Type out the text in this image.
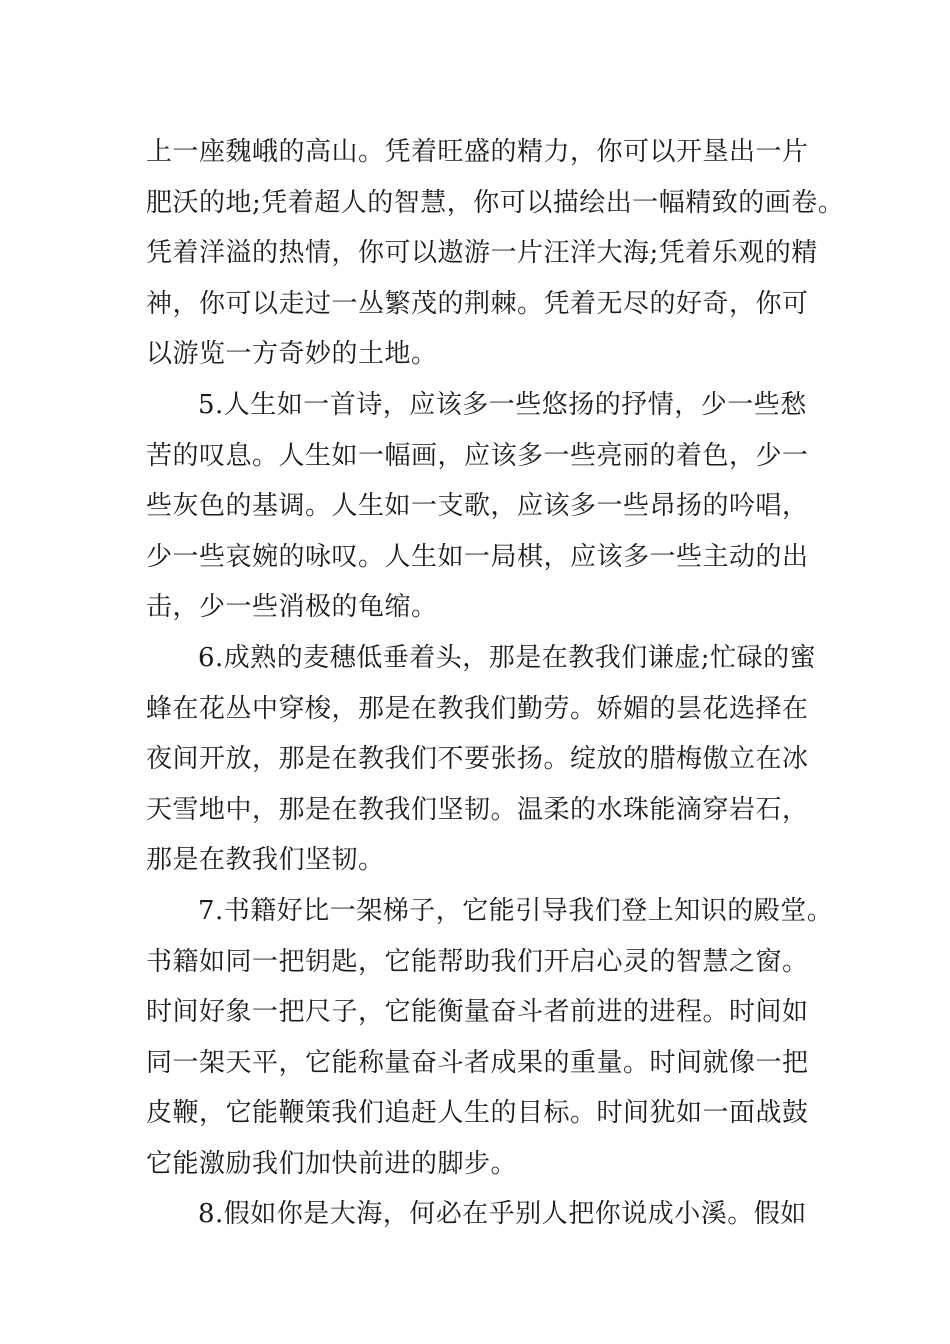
上一座魏峨的高山。凭着旺盛的精力，你可以开垦出一片
肥沃的地;凭着超人的智慧，你可以描绘出一幅精致的画卷。
凭着洋溢的热情，你可以遨游一片汪洋大海;凭着乐观的精
神，你可以走过一丛繁茂的荆棘。凭着无尽的好奇，你可
以游览一方奇妙的土地。
5.人生如一首诗，应该多一些悠扬的抒情，少一些愁
苦的叹息。人生如一幅画，应该多一些亮丽的着色，少一
些灰色的基调。人生如一支歌，应该多一些昂扬的吟唱，
少一些哀婉的咏叹。人生如一局棋，应该多一些主动的出
击，少一些消极的龟缩。
6.成熟的麦穗低垂着头，那是在教我们谦虚;忙碌的蜜
蜂在花丛中穿梭，那是在教我们勤劳。娇媚的昙花选择在
夜间开放，那是在教我们不要张扬。绽放的腊梅傲立在冰
天雪地中，那是在教我们坚韧。温柔的水珠能滴穿岩石，
那是在教我们坚韧。
7.书籍好比一架梯子，它能引导我们登上知识的殿堂。
书籍如同一把钥匙，它能帮助我们开启心灵的智慧之窗。
时间好象一把尺子，它能衡量奋斗者前进的进程。时间如
同一架天平，它能称量奋斗者成果的重量。时间就像一把
皮鞭，它能鞭策我们追赶人生的目标。时间犹如一面战鼓
它能激励我们加快前进的脚步。
8.假如你是大海，何必在乎别人把你说成小溪。假如
